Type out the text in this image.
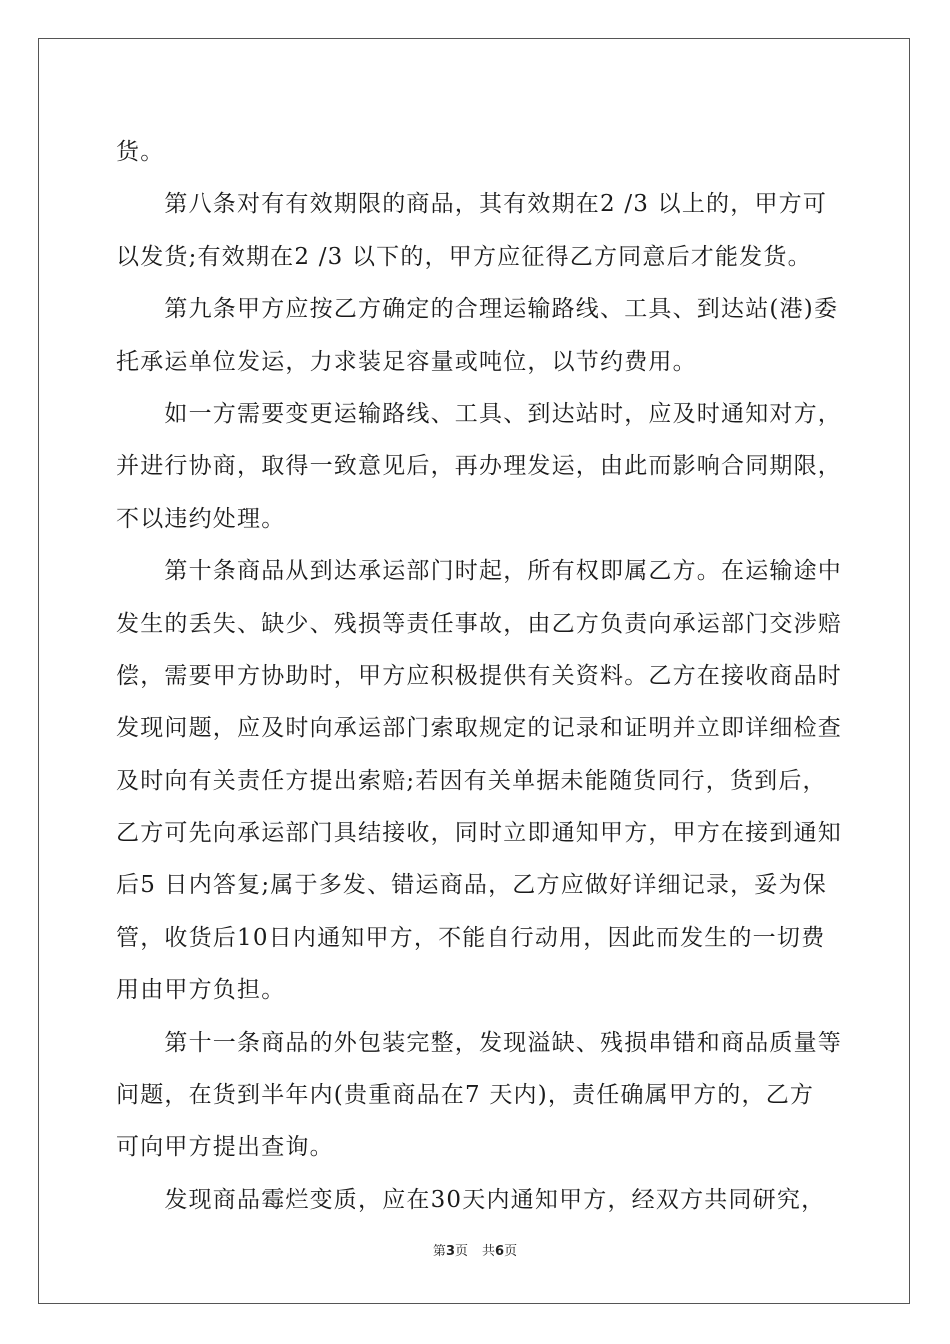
货。
　　第八条对有有效期限的商品，其有效期在2 /3 以上的，甲方可
以发货;有效期在2 /3 以下的，甲方应征得乙方同意后才能发货。
　　第九条甲方应按乙方确定的合理运输路线、工具、到达站(港)委
托承运单位发运，力求装足容量或吨位，以节约费用。
　　如一方需要变更运输路线、工具、到达站时，应及时通知对方，
并进行协商，取得一致意见后，再办理发运，由此而影响合同期限，
不以违约处理。
　　第十条商品从到达承运部门时起，所有权即属乙方。在运输途中
发生的丢失、缺少、残损等责任事故，由乙方负责向承运部门交涉赔
偿，需要甲方协助时，甲方应积极提供有关资料。乙方在接收商品时
发现问题，应及时向承运部门索取规定的记录和证明并立即详细检查
及时向有关责任方提出索赔;若因有关单据未能随货同行，货到后，
乙方可先向承运部门具结接收，同时立即通知甲方，甲方在接到通知
后5 日内答复;属于多发、错运商品，乙方应做好详细记录，妥为保
管，收货后10日内通知甲方，不能自行动用，因此而发生的一切费
用由甲方负担。
　　第十一条商品的外包装完整，发现溢缺、残损串错和商品质量等
问题，在货到半年内(贵重商品在7 天内)，责任确属甲方的，乙方
可向甲方提出查询。
　　发现商品霉烂变质，应在30天内通知甲方，经双方共同研究，
第3页 共6页
